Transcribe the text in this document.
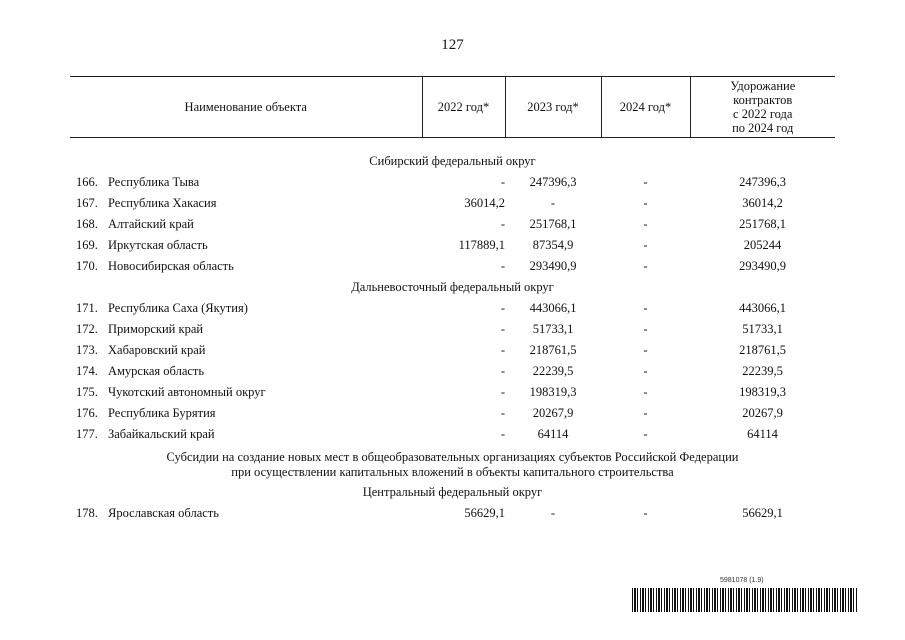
127
Наименование объекта	2022 год*	2023 год*	2024 год*	Удорожание
контрактов
с 2022 года
по 2024 год

Сибирский федеральный округ				
166. Республика Тыва	-	247396,3	-	247396,3
167. Республика Хакасия	36014,2	-	-	36014,2
168. Алтайский край	-	251768,1	-	251768,1
169. Иркутская область	117889,1	87354,9	-	205244
170. Новосибирская область	-	293490,9	-	293490,9
Дальневосточный федеральный округ				
171. Республика Саха (Якутия)	-	443066,1	-	443066,1
172. Приморский край	-	51733,1	-	51733,1
173. Хабаровский край	-	218761,5	-	218761,5
174. Амурская область	-	22239,5	-	22239,5
175. Чукотский автономный округ	-	198319,3	-	198319,3
176. Республика Бурятия	-	20267,9	-	20267,9
177. Забайкальский край	-	64114	-	64114

Субсидии на создание новых мест в общеобразовательных организациях субъектов Российской Федерации
при осуществлении капитальных вложений в объекты капитального строительства				

Центральный федеральный округ				
178. Ярославская область	56629,1	-	-	56629,1
5981078 (1.9)
